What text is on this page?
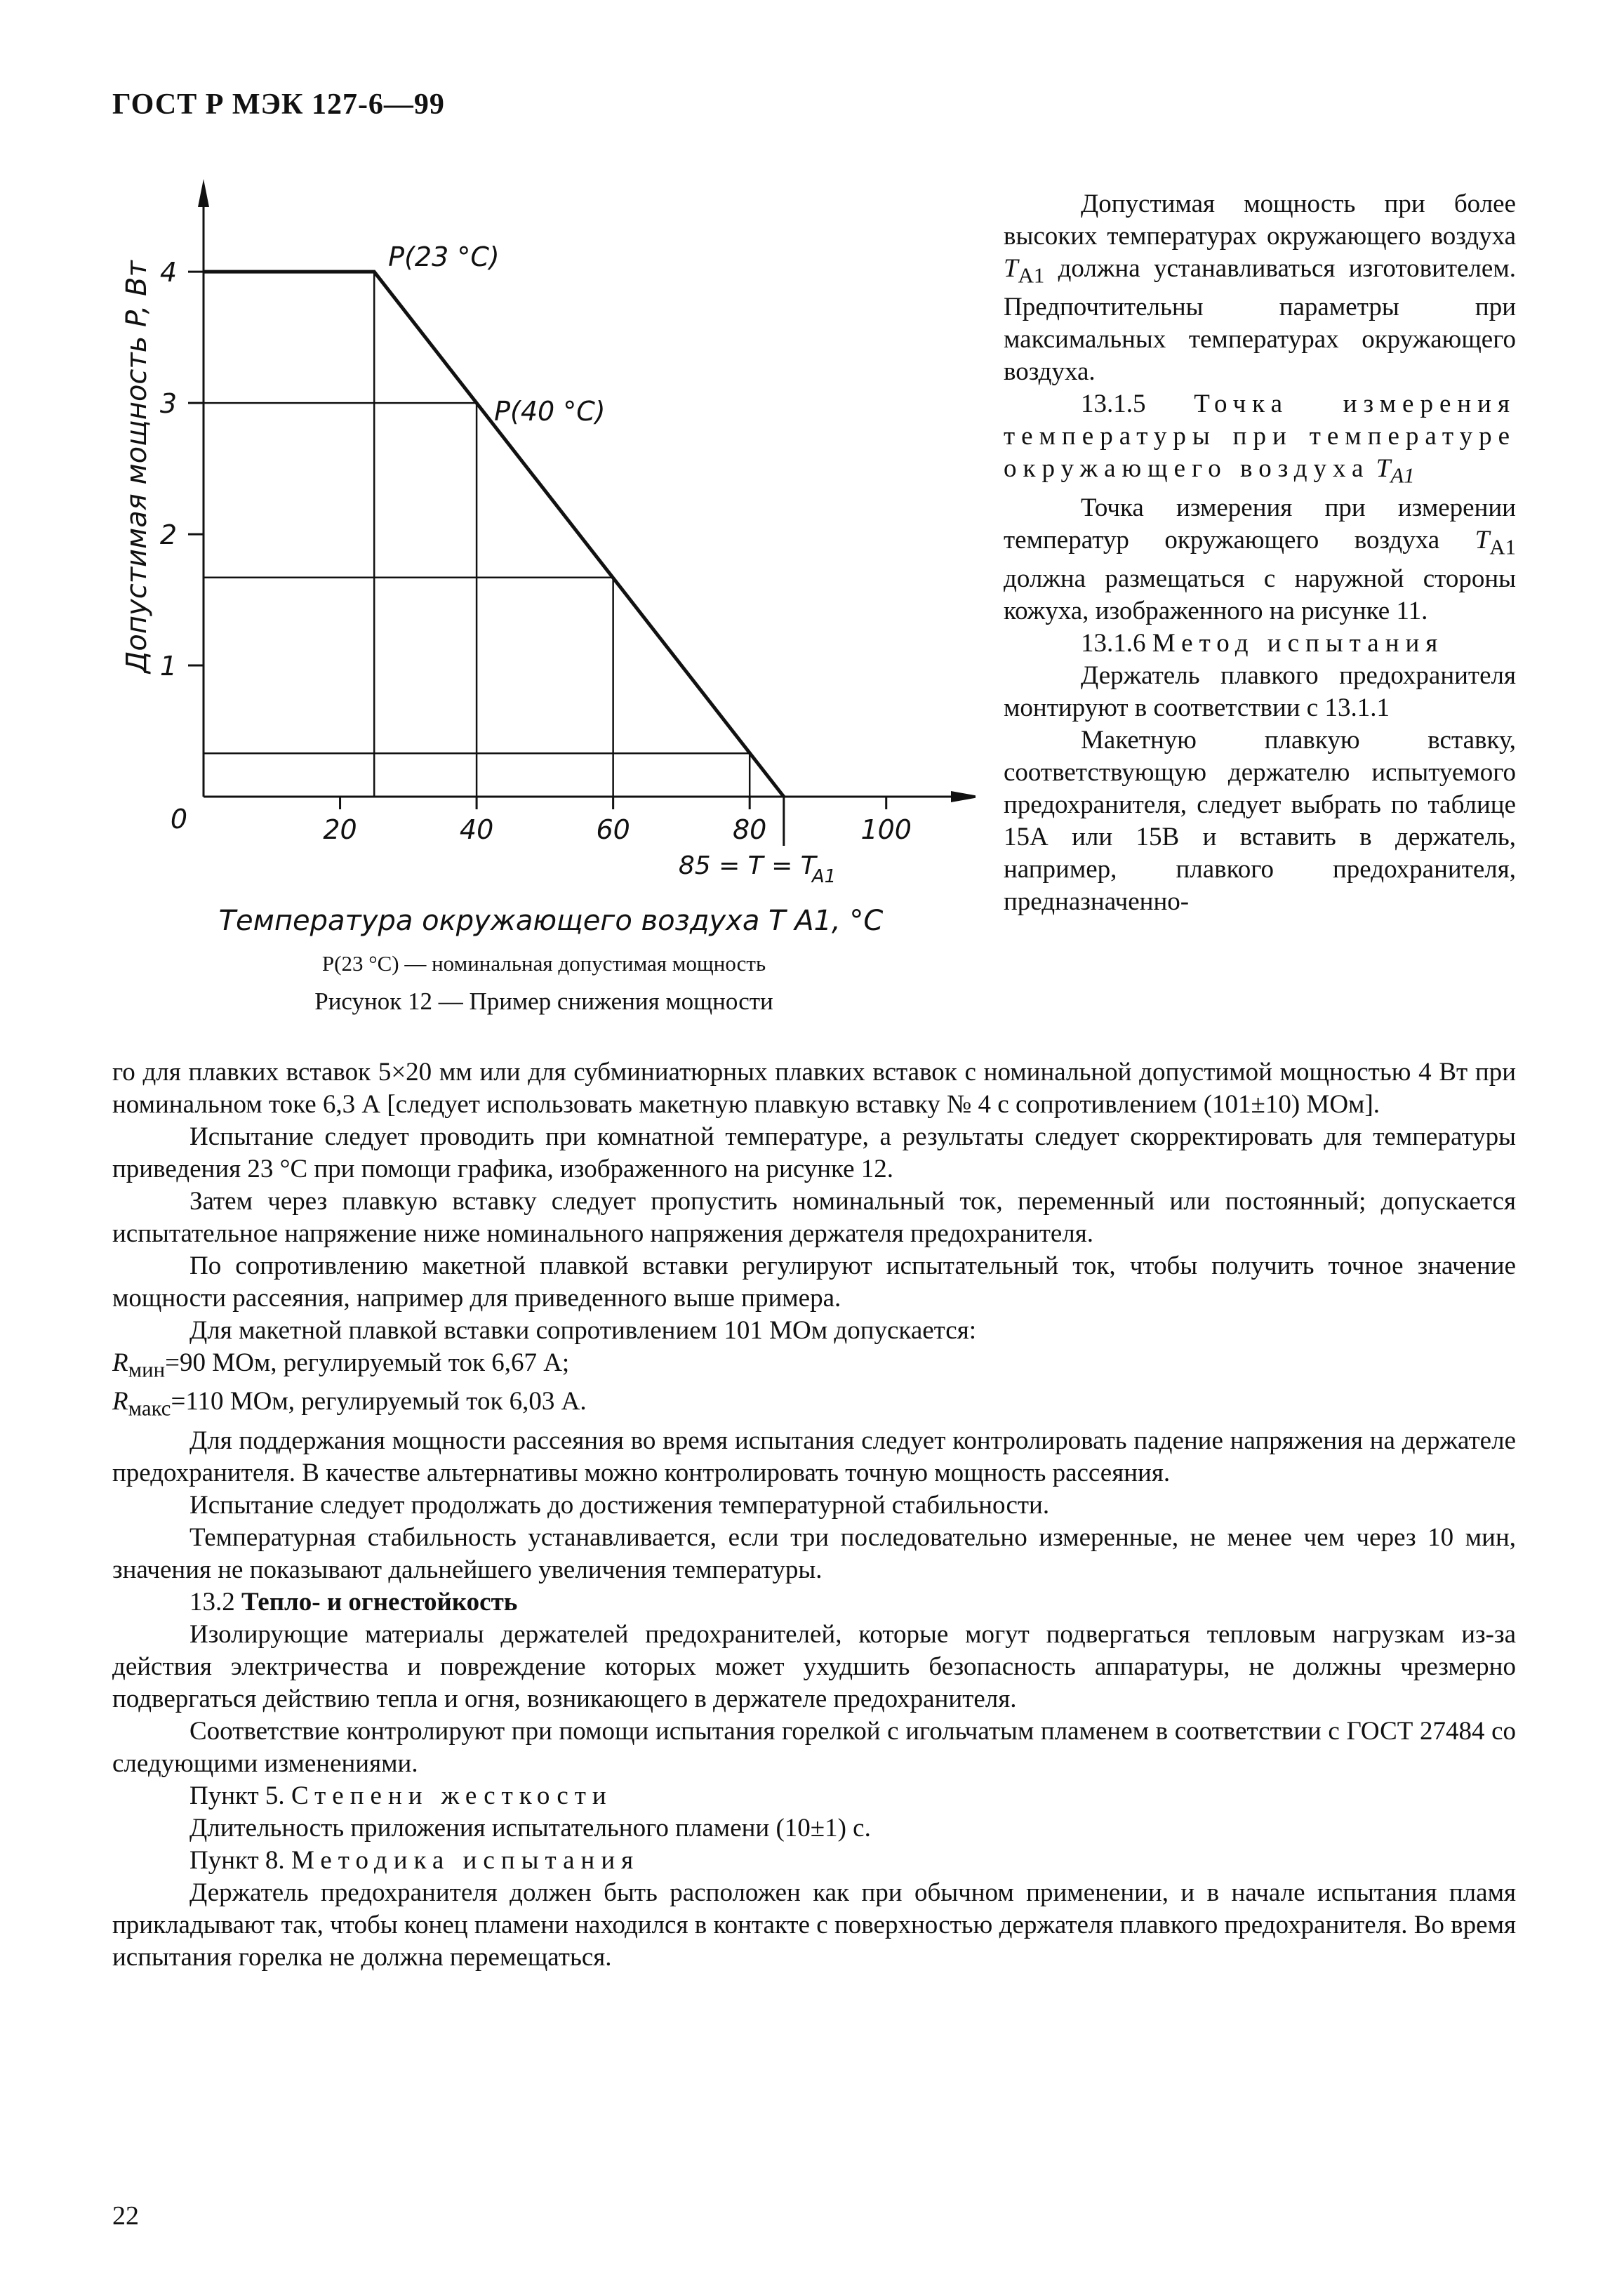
ГОСТ Р МЭК 127-6—99
1
2
3
4
20	40	60	80	100
0
P(23 °C)
P(40 °C)
85 = T = T
A1
Температура окружающего воздуха T A1, °C
Допустимая мощность P, Вт
P(23 °C) — номинальная допустимая мощность
Рисунок 12 — Пример снижения мощности

Допустимая мощность при более высоких температурах окружающего воздуха $T_{A1}$ должна устанавливаться изготовителем. Предпочтительны параметры при максимальных температурах окружающего воздуха.

13.1.5 Точка измерения температуры при температуре окружающего воздуха $T_{A1}$

Точка измерения при измерении температур окружающего воздуха $T_{A1}$ должна размещаться с наружной стороны кожуха, изображенного на рисунке 11.

13.1.6 Метод испытания

Держатель плавкого предохранителя монтируют в соответствии с 13.1.1

Макетную плавкую вставку, соответствующую держателю испытуемого предохранителя, следует выбрать по таблице 15А или 15В и вставить в держатель, например, плавкого предохранителя, предназначенно-

го для плавких вставок 5×20 мм или для субминиатюрных плавких вставок с номинальной допустимой мощностью 4 Вт при номинальном токе 6,3 А [следует использовать макетную плавкую вставку № 4 с сопротивлением (101±10) МОм].

Испытание следует проводить при комнатной температуре, а результаты следует скорректировать для температуры приведения 23 °С при помощи графика, изображенного на рисунке 12.

Затем через плавкую вставку следует пропустить номинальный ток, переменный или постоянный; допускается испытательное напряжение ниже номинального напряжения держателя предохранителя.

По сопротивлению макетной плавкой вставки регулируют испытательный ток, чтобы получить точное значение мощности рассеяния, например для приведенного выше примера.

Для макетной плавкой вставки сопротивлением 101 МОм допускается:

$R_{мин}=90$ МОм, регулируемый ток 6,67 А;

$R_{макс}=110$ МОм, регулируемый ток 6,03 А.

Для поддержания мощности рассеяния во время испытания следует контролировать падение напряжения на держателе предохранителя. В качестве альтернативы можно контролировать точную мощность рассеяния.

Испытание следует продолжать до достижения температурной стабильности.

Температурная стабильность устанавливается, если три последовательно измеренные, не менее чем через 10 мин, значения не показывают дальнейшего увеличения температуры.

13.2 Тепло- и огнестойкость

Изолирующие материалы держателей предохранителей, которые могут подвергаться тепловым нагрузкам из-за действия электричества и повреждение которых может ухудшить безопасность аппаратуры, не должны чрезмерно подвергаться действию тепла и огня, возникающего в держателе предохранителя.

Соответствие контролируют при помощи испытания горелкой с игольчатым пламенем в соответствии с ГОСТ 27484 со следующими изменениями.

Пункт 5. Степени жесткости

Длительность приложения испытательного пламени (10±1) с.

Пункт 8. Методика испытания

Держатель предохранителя должен быть расположен как при обычном применении, и в начале испытания пламя прикладывают так, чтобы конец пламени находился в контакте с поверхностью держателя плавкого предохранителя. Во время испытания горелка не должна перемещаться.

22
